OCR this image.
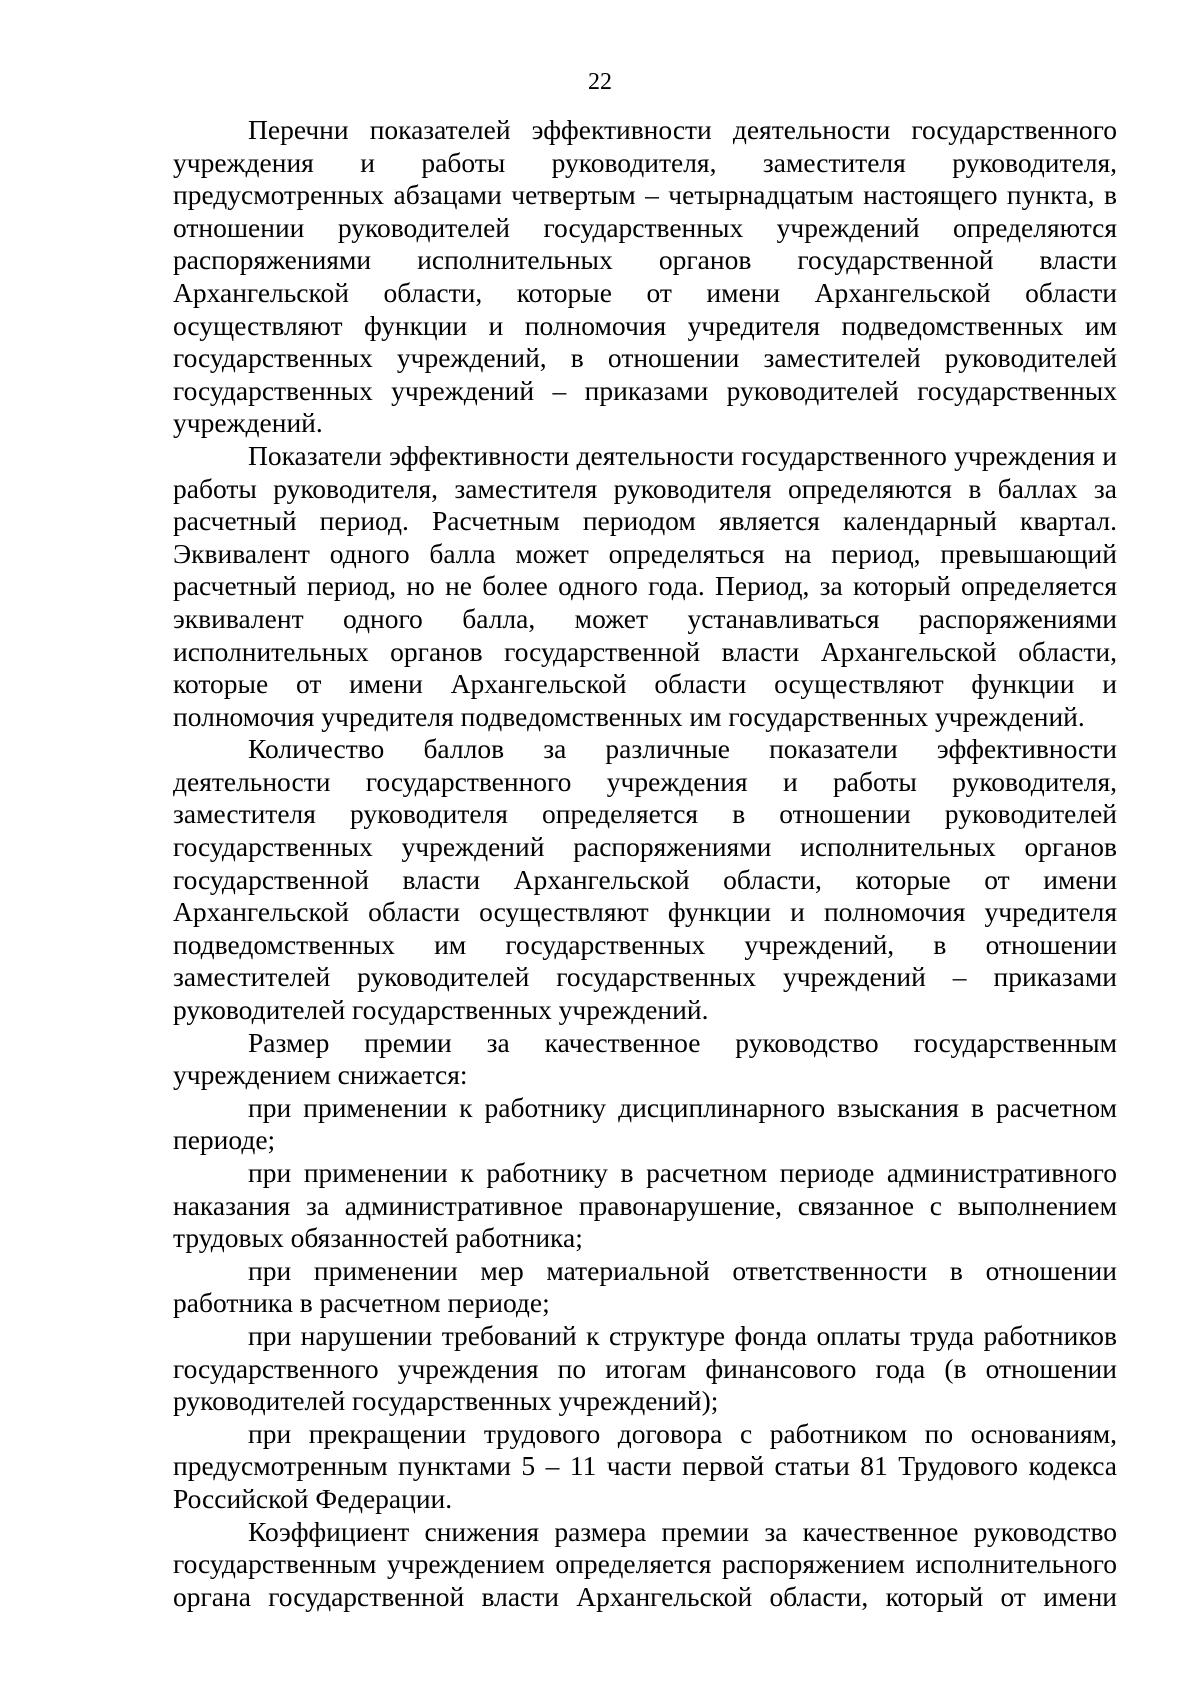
22

Перечни показателей эффективности деятельности государственного учреждения и работы руководителя, заместителя руководителя, предусмотренных абзацами четвертым – четырнадцатым настоящего пункта, в отношении руководителей государственных учреждений определяются распоряжениями исполнительных органов государственной власти Архангельской области, которые от имени Архангельской области осуществляют функции и полномочия учредителя подведомственных им государственных учреждений, в отношении заместителей руководителей государственных учреждений – приказами руководителей государственных учреждений.

Показатели эффективности деятельности государственного учреждения и работы руководителя, заместителя руководителя определяются в баллах за расчетный период. Расчетным периодом является календарный квартал. Эквивалент одного балла может определяться на период, превышающий расчетный период, но не более одного года. Период, за который определяется эквивалент одного балла, может устанавливаться распоряжениями исполнительных органов государственной власти Архангельской области, которые от имени Архангельской области осуществляют функции и полномочия учредителя подведомственных им государственных учреждений.

Количество баллов за различные показатели эффективности деятельности государственного учреждения и работы руководителя, заместителя руководителя определяется в отношении руководителей государственных учреждений распоряжениями исполнительных органов государственной власти Архангельской области, которые от имени Архангельской области осуществляют функции и полномочия учредителя подведомственных им государственных учреждений, в отношении заместителей руководителей государственных учреждений – приказами руководителей государственных учреждений.

Размер премии за качественное руководство государственным учреждением снижается:

при применении к работнику дисциплинарного взыскания в расчетном периоде;

при применении к работнику в расчетном периоде административного наказания за административное правонарушение, связанное с выполнением трудовых обязанностей работника;

при применении мер материальной ответственности в отношении работника в расчетном периоде;

при нарушении требований к структуре фонда оплаты труда работников государственного учреждения по итогам финансового года (в отношении руководителей государственных учреждений);

при прекращении трудового договора с работником по основаниям, предусмотренным пунктами 5 – 11 части первой статьи 81 Трудового кодекса Российской Федерации.

Коэффициент снижения размера премии за качественное руководство государственным учреждением определяется распоряжением исполнительного органа государственной власти Архангельской области, который от имени
